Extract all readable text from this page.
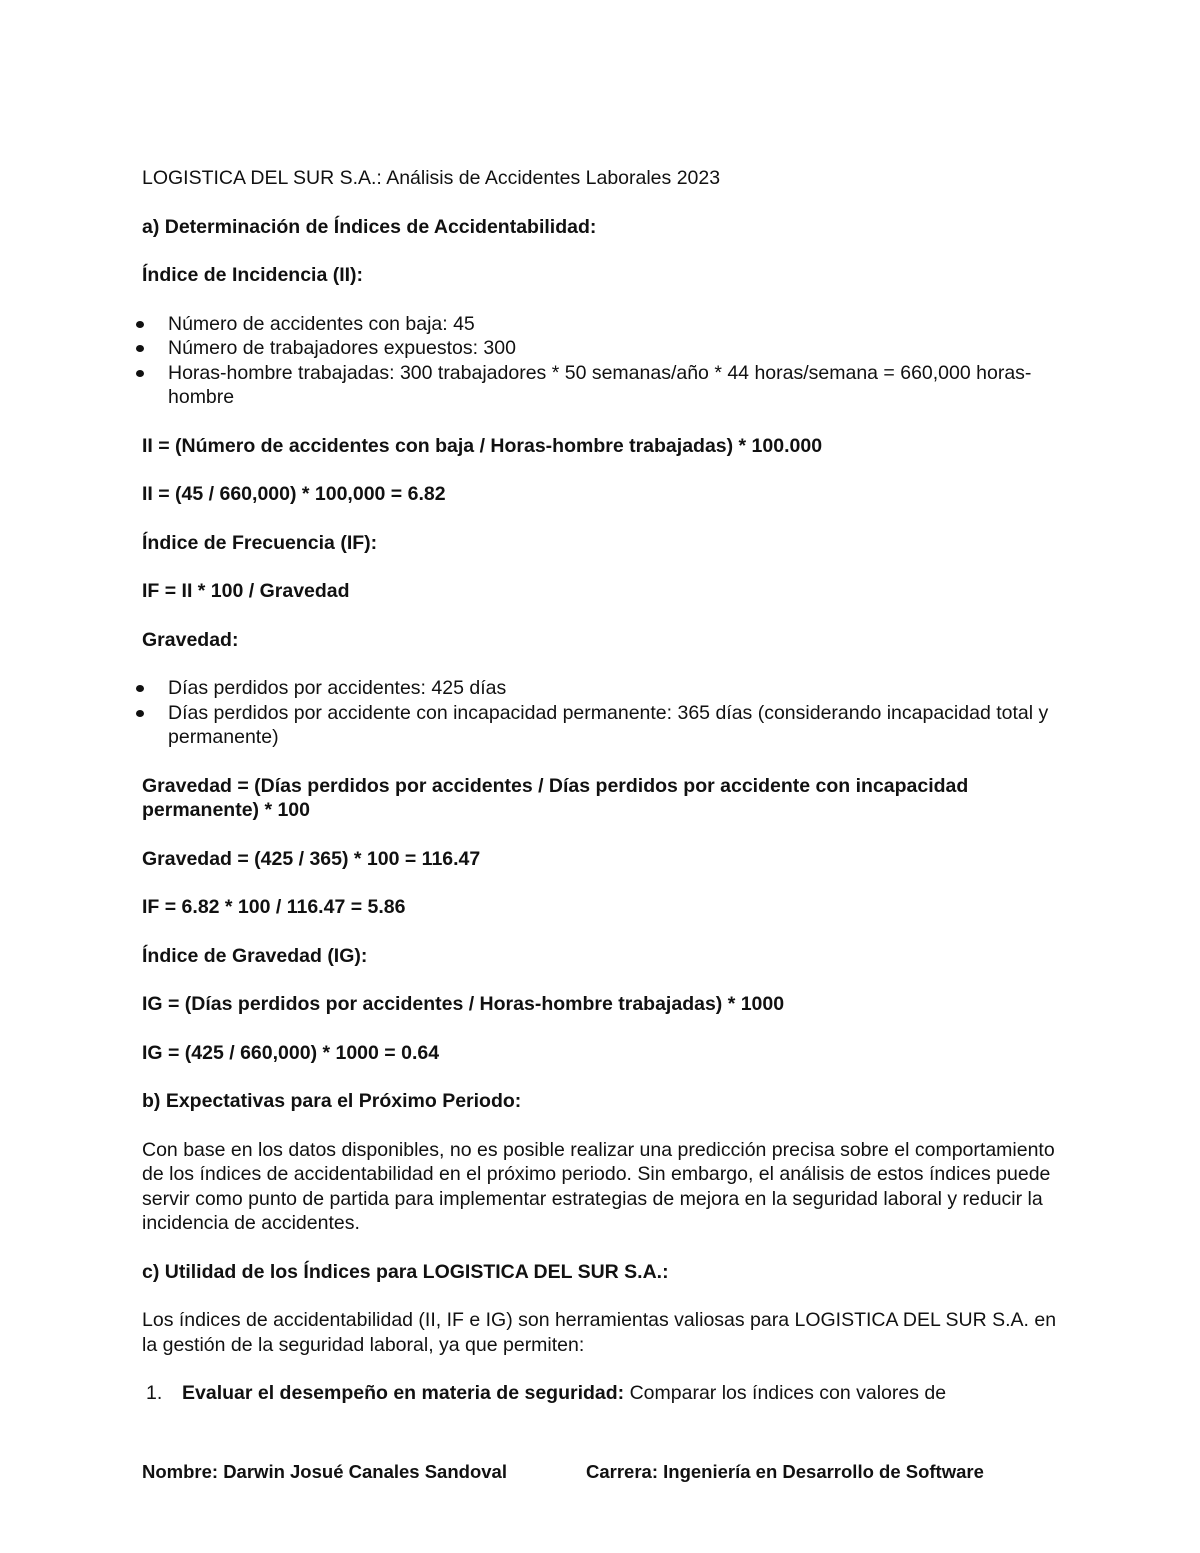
LOGISTICA DEL SUR S.A.: Análisis de Accidentes Laborales 2023

a) Determinación de Índices de Accidentabilidad:

Índice de Incidencia (II):

Número de accidentes con baja: 45
Número de trabajadores expuestos: 300
Horas-hombre trabajadas: 300 trabajadores * 50 semanas/año * 44 horas/semana = 660,000 horas-hombre

II = (Número de accidentes con baja / Horas-hombre trabajadas) * 100.000

II = (45 / 660,000) * 100,000 = 6.82

Índice de Frecuencia (IF):

IF = II * 100 / Gravedad

Gravedad:

Días perdidos por accidentes: 425 días
Días perdidos por accidente con incapacidad permanente: 365 días (considerando incapacidad total y permanente)

Gravedad = (Días perdidos por accidentes / Días perdidos por accidente con incapacidad permanente) * 100

Gravedad = (425 / 365) * 100 = 116.47

IF = 6.82 * 100 / 116.47 = 5.86

Índice de Gravedad (IG):

IG = (Días perdidos por accidentes / Horas-hombre trabajadas) * 1000

IG = (425 / 660,000) * 1000 = 0.64

b) Expectativas para el Próximo Periodo:

Con base en los datos disponibles, no es posible realizar una predicción precisa sobre el comportamiento de los índices de accidentabilidad en el próximo periodo. Sin embargo, el análisis de estos índices puede servir como punto de partida para implementar estrategias de mejora en la seguridad laboral y reducir la incidencia de accidentes.

c) Utilidad de los Índices para LOGISTICA DEL SUR S.A.:

Los índices de accidentabilidad (II, IF e IG) son herramientas valiosas para LOGISTICA DEL SUR S.A. en la gestión de la seguridad laboral, ya que permiten:

1. Evaluar el desempeño en materia de seguridad: Comparar los índices con valores de
Nombre: Darwin Josué Canales Sandoval	Carrera: Ingeniería en Desarrollo de Software
